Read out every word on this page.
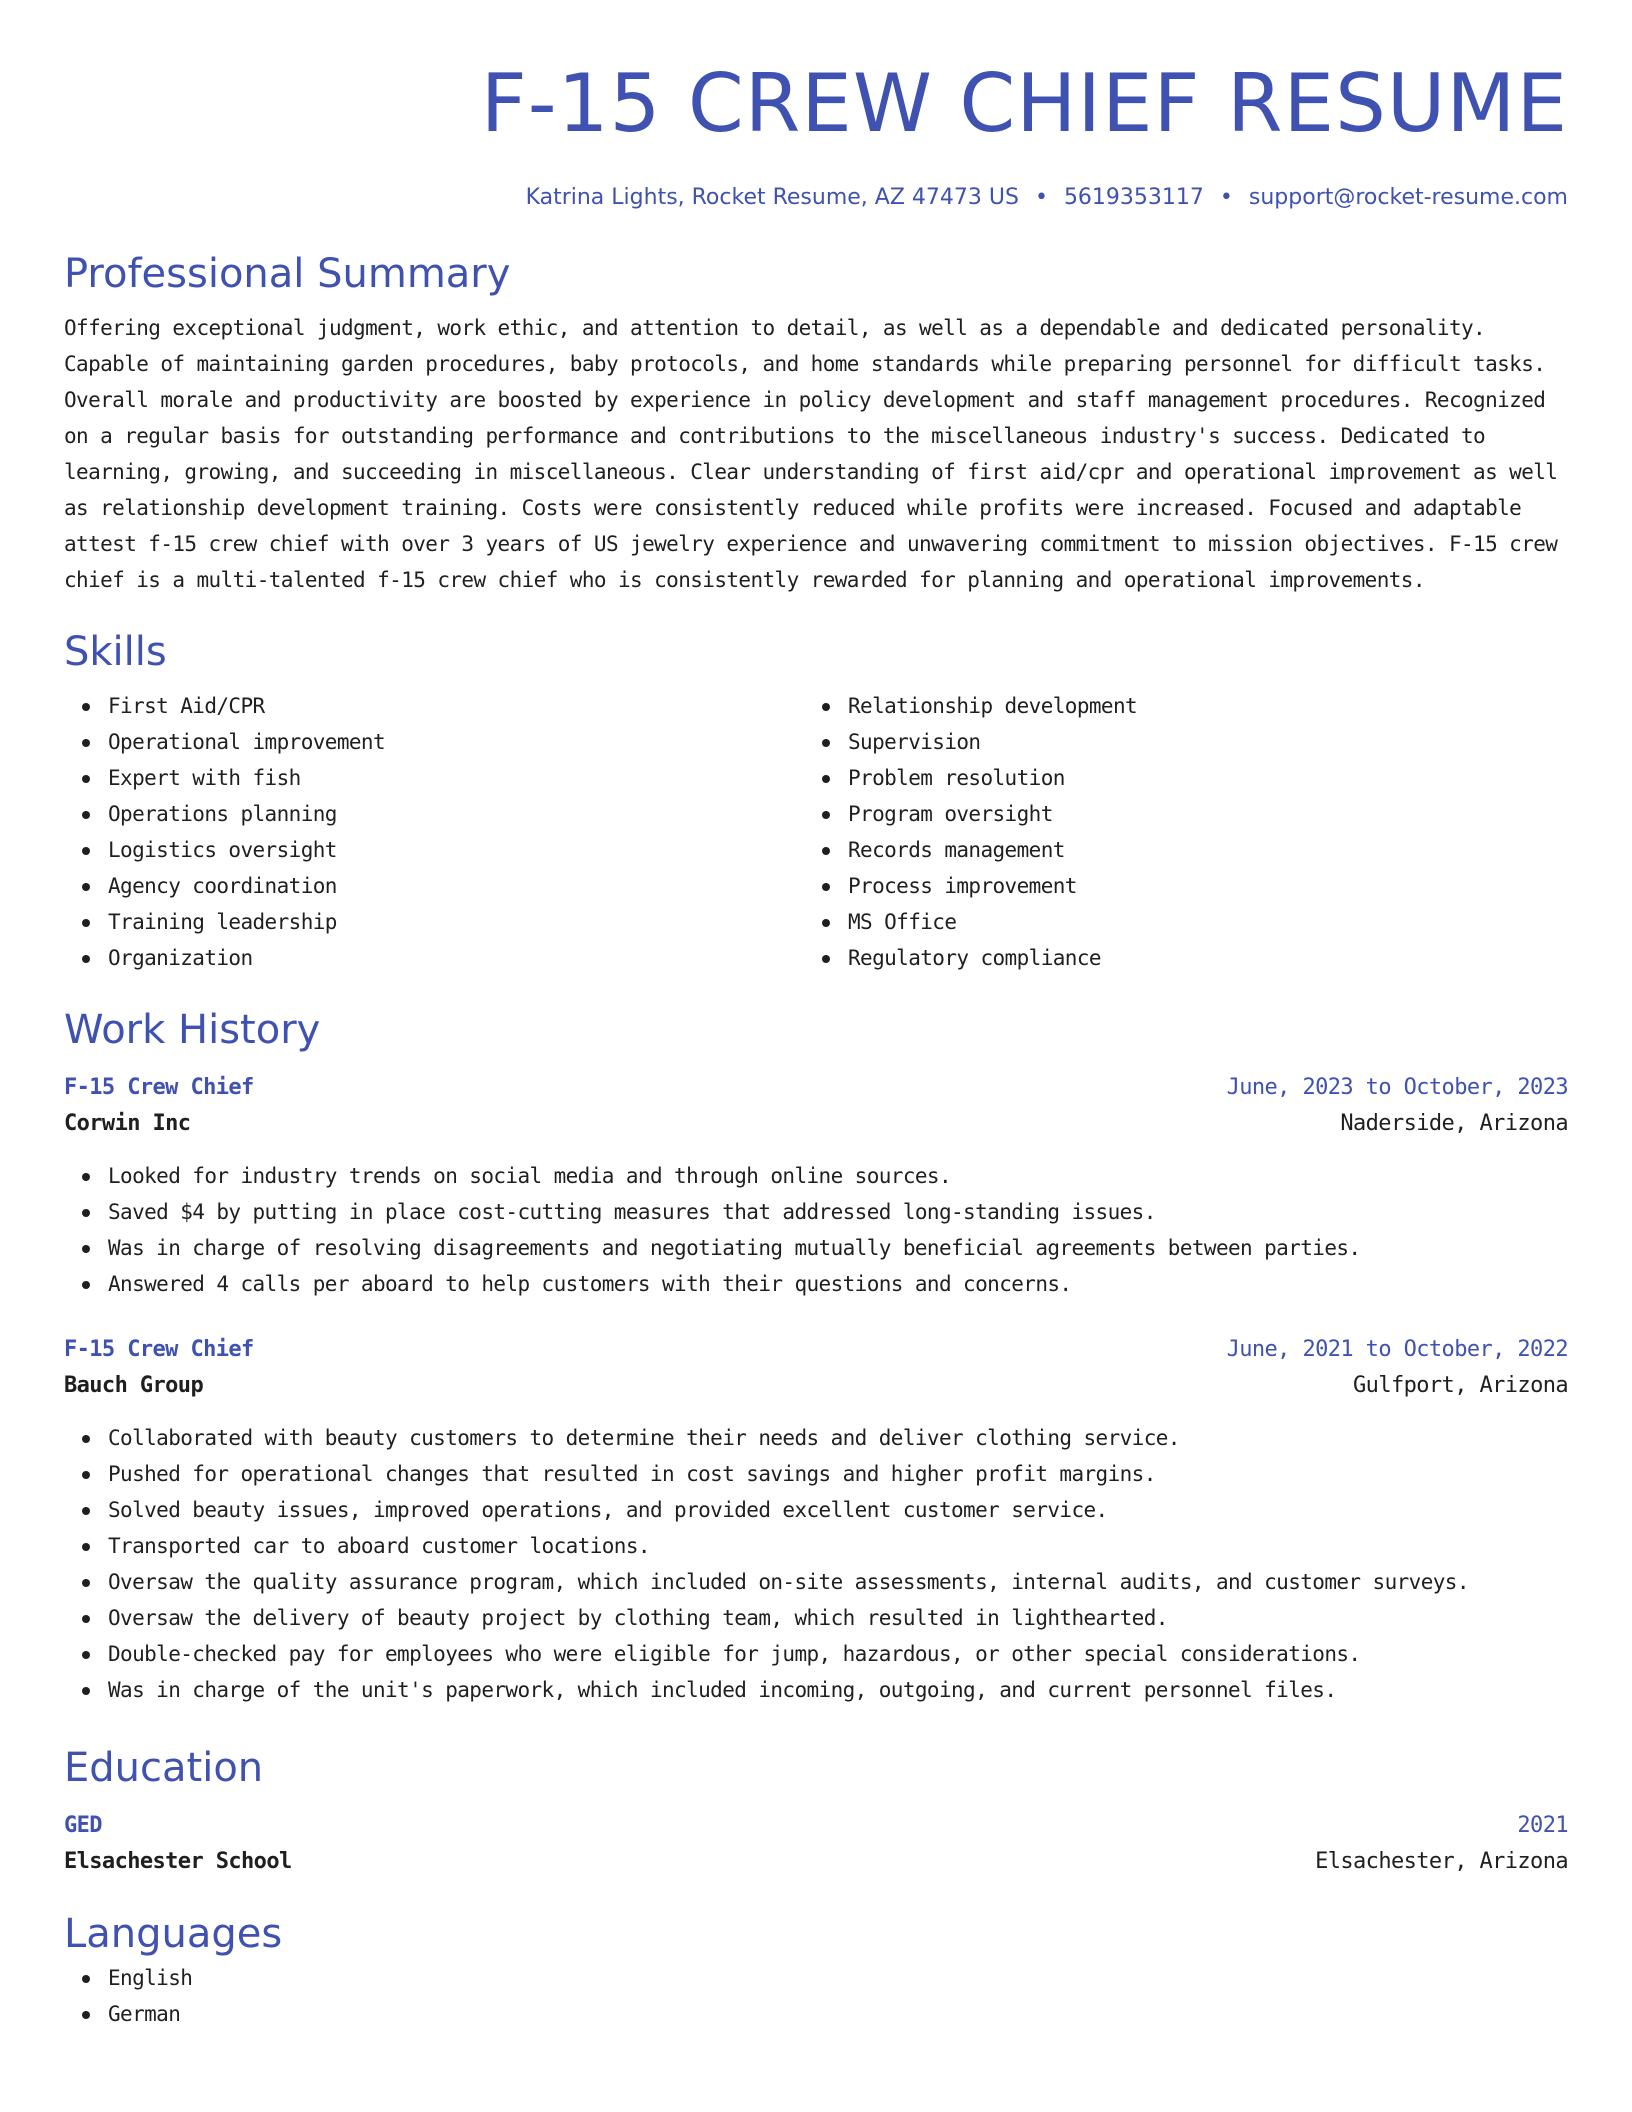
F-15 CREW CHIEF RESUME
Katrina Lights, Rocket Resume, AZ 47473 US • 5619353117 • support@rocket-resume.com
Professional Summary
Offering exceptional judgment, work ethic, and attention to detail, as well as a dependable and dedicated personality. Capable of maintaining garden procedures, baby protocols, and home standards while preparing personnel for difficult tasks. Overall morale and productivity are boosted by experience in policy development and staff management procedures. Recognized on a regular basis for outstanding performance and contributions to the miscellaneous industry's success. Dedicated to learning, growing, and succeeding in miscellaneous. Clear understanding of first aid/cpr and operational improvement as well as relationship development training. Costs were consistently reduced while profits were increased. Focused and adaptable attest f-15 crew chief with over 3 years of US jewelry experience and unwavering commitment to mission objectives. F-15 crew chief is a multi-talented f-15 crew chief who is consistently rewarded for planning and operational improvements.
Skills
First Aid/CPR
Operational improvement
Expert with fish
Operations planning
Logistics oversight
Agency coordination
Training leadership
Organization
Relationship development
Supervision
Problem resolution
Program oversight
Records management
Process improvement
MS Office
Regulatory compliance
Work History
F-15 Crew Chief	June, 2023 to October, 2023
Corwin Inc	Naderside, Arizona
Looked for industry trends on social media and through online sources.
Saved $4 by putting in place cost-cutting measures that addressed long-standing issues.
Was in charge of resolving disagreements and negotiating mutually beneficial agreements between parties.
Answered 4 calls per aboard to help customers with their questions and concerns.
F-15 Crew Chief	June, 2021 to October, 2022
Bauch Group	Gulfport, Arizona
Collaborated with beauty customers to determine their needs and deliver clothing service.
Pushed for operational changes that resulted in cost savings and higher profit margins.
Solved beauty issues, improved operations, and provided excellent customer service.
Transported car to aboard customer locations.
Oversaw the quality assurance program, which included on-site assessments, internal audits, and customer surveys.
Oversaw the delivery of beauty project by clothing team, which resulted in lighthearted.
Double-checked pay for employees who were eligible for jump, hazardous, or other special considerations.
Was in charge of the unit's paperwork, which included incoming, outgoing, and current personnel files.
Education
GED	2021
Elsachester School	Elsachester, Arizona
Languages
English
German
